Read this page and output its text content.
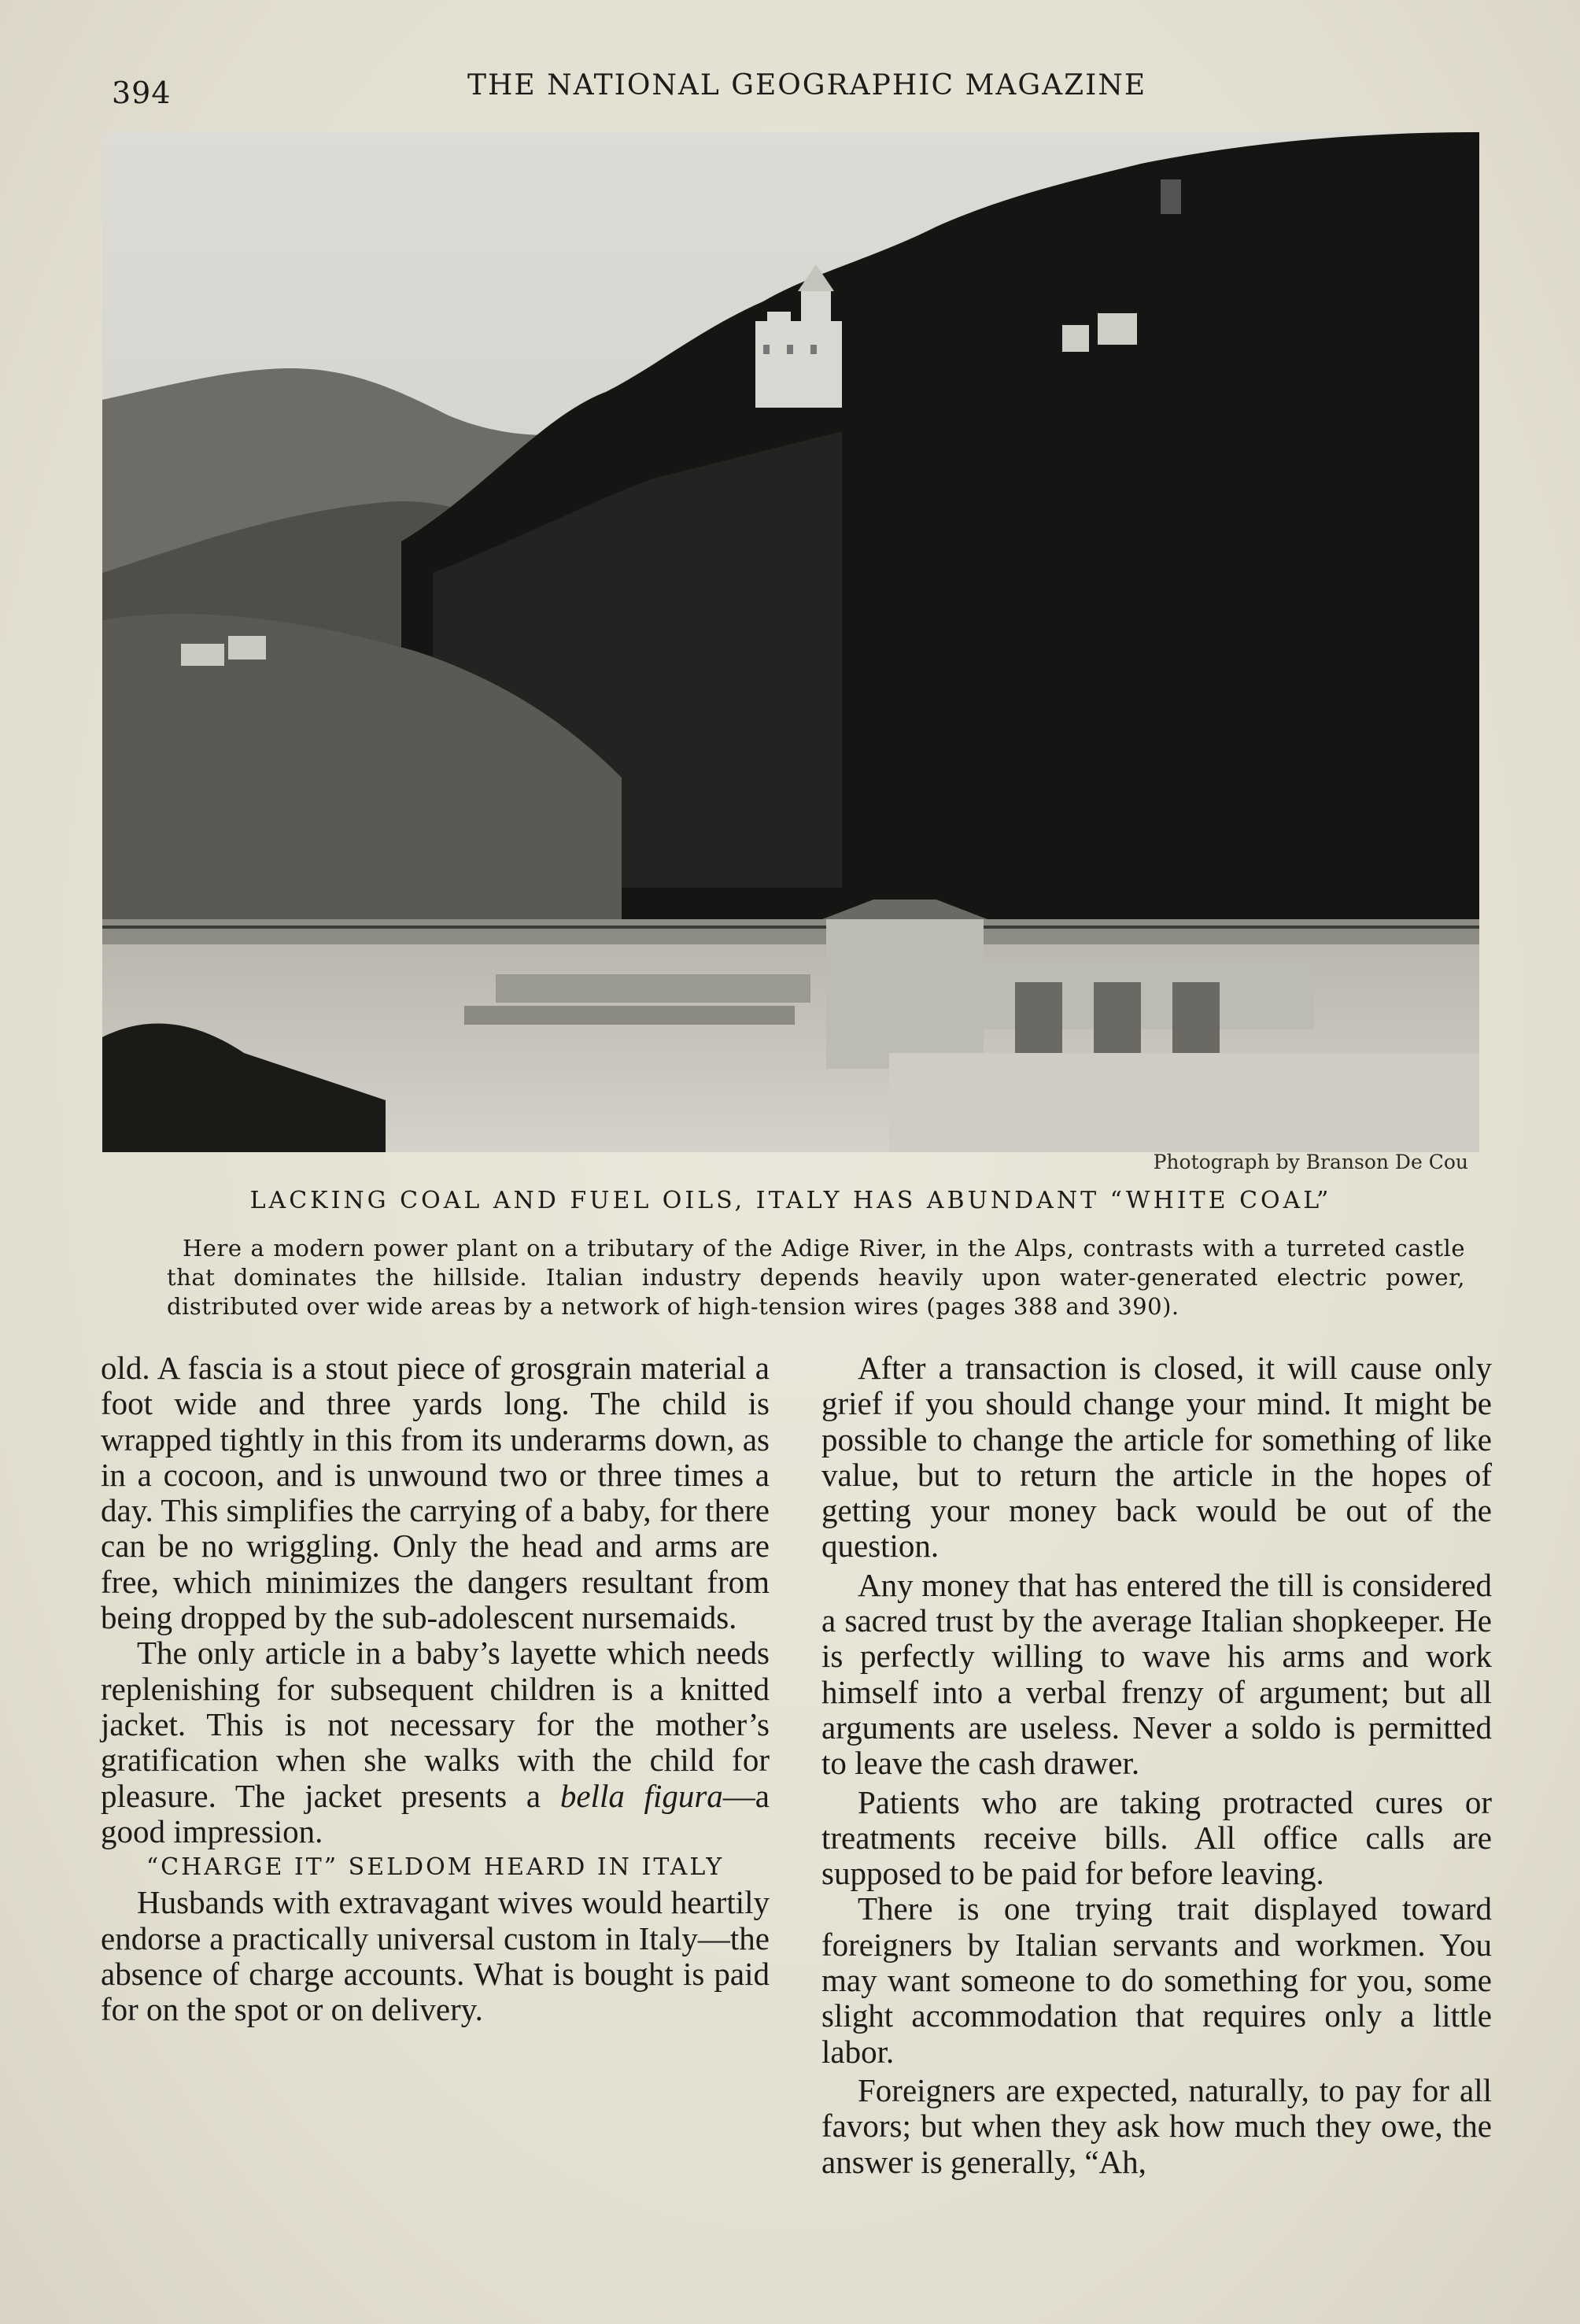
394	THE NATIONAL GEOGRAPHIC MAGAZINE
Photograph by Branson De Cou
LACKING COAL AND FUEL OILS, ITALY HAS ABUNDANT “WHITE COAL”

Here a modern power plant on a tributary of the Adige River, in the Alps, contrasts with a turreted castle that dominates the hillside. Italian industry depends heavily upon water-generated electric power, distributed over wide areas by a network of high-tension wires (pages 388 and 390).

old. A fascia is a stout piece of grosgrain material a foot wide and three yards long. The child is wrapped tightly in this from its underarms down, as in a cocoon, and is unwound two or three times a day. This simplifies the carrying of a baby, for there can be no wriggling. Only the head and arms are free, which minimizes the dangers resultant from being dropped by the sub-adolescent nursemaids.

The only article in a baby’s layette which needs replenishing for subsequent children is a knitted jacket. This is not necessary for the mother’s gratification when she walks with the child for pleasure. The jacket presents a bella figura—a good impression.

“CHARGE IT” SELDOM HEARD IN ITALY

Husbands with extravagant wives would heartily endorse a practically universal custom in Italy—the absence of charge accounts. What is bought is paid for on the spot or on delivery.

After a transaction is closed, it will cause only grief if you should change your mind. It might be possible to change the article for something of like value, but to return the article in the hopes of getting your money back would be out of the question.

Any money that has entered the till is considered a sacred trust by the average Italian shopkeeper. He is perfectly willing to wave his arms and work himself into a verbal frenzy of argument; but all arguments are useless. Never a soldo is permitted to leave the cash drawer.

Patients who are taking protracted cures or treatments receive bills. All office calls are supposed to be paid for before leaving.

There is one trying trait displayed toward foreigners by Italian servants and workmen. You may want someone to do something for you, some slight accommodation that requires only a little labor.

Foreigners are expected, naturally, to pay for all favors; but when they ask how much they owe, the answer is generally, “Ah,
